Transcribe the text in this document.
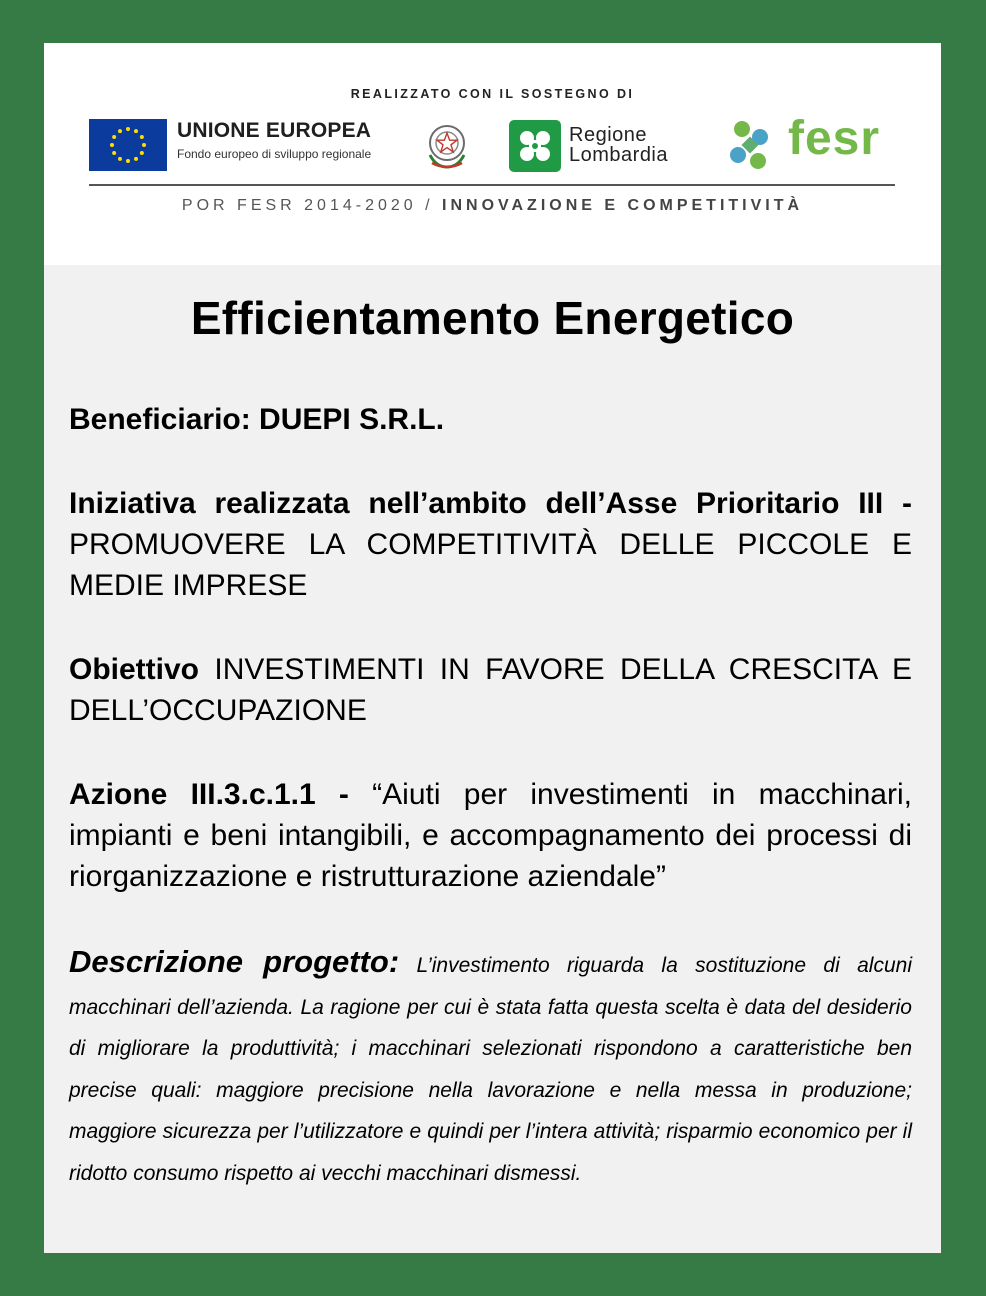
REALIZZATO CON IL SOSTEGNO DI
UNIONE EUROPEA
Fondo europeo di sviluppo regionale
Regione
Lombardia fesr
POR FESR 2014-2020 / INNOVAZIONE E COMPETITIVITÀ
Efficientamento Energetico
Beneficiario: DUEPI S.R.L.
Iniziativa realizzata nell’ambito dell’Asse Prioritario III - PROMUOVERE LA COMPETITIVITÀ DELLE PICCOLE E MEDIE IMPRESE
Obiettivo INVESTIMENTI IN FAVORE DELLA CRESCITA E DELL’OCCUPAZIONE
Azione III.3.c.1.1 - “Aiuti per investimenti in macchinari, impianti e beni intangibili, e accompagnamento dei processi di riorganizzazione e ristrutturazione aziendale”
Descrizione progetto: L’investimento riguarda la sostituzione di alcuni macchinari dell’azienda. La ragione per cui è stata fatta questa scelta è data del desiderio di migliorare la produttività; i macchinari selezionati rispondono a caratteristiche ben precise quali: maggiore precisione nella lavorazione e nella messa in produzione; maggiore sicurezza per l’utilizzatore e quindi per l’intera attività; risparmio economico per il ridotto consumo rispetto ai vecchi macchinari dismessi.
